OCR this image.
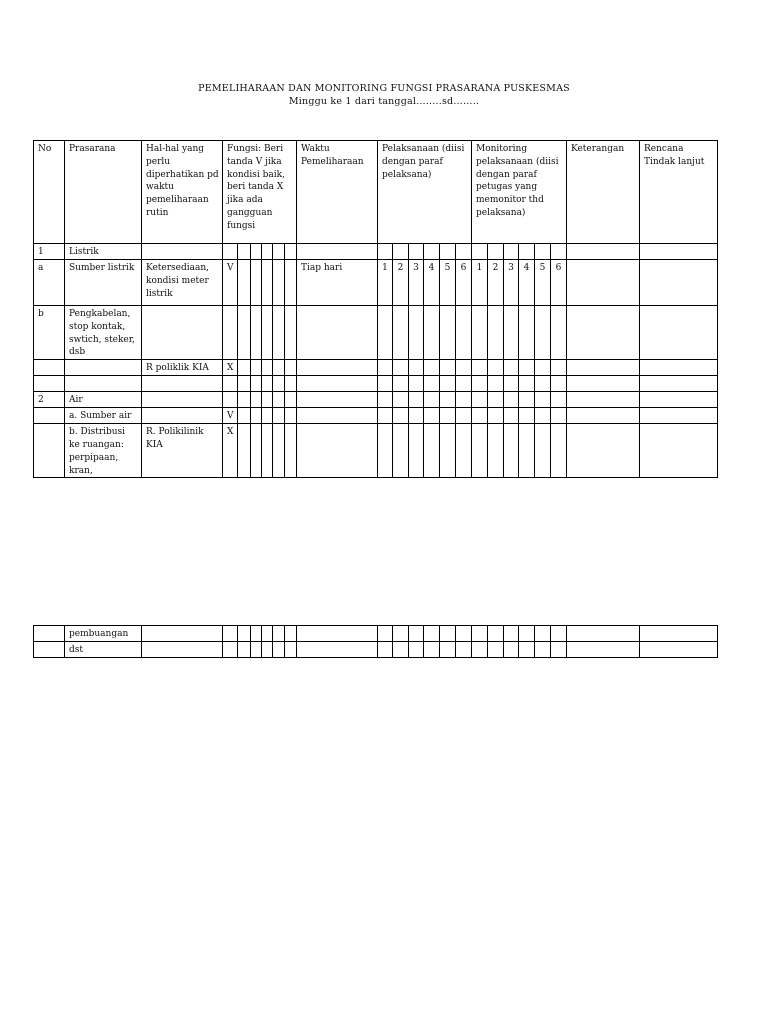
PEMELIHARAAN DAN MONITORING FUNGSI PRASARANA PUSKESMAS
Minggu ke 1 dari tanggal……..sd……..
No	Prasarana	Hal-hal yang perlu diperhatikan pd waktu pemeliharaan rutin	Fungsi: Beri tanda V jika kondisi baik, beri tanda X jika ada gangguan fungsi						Waktu Pemeliharaan	Pelaksanaan (diisi dengan paraf pelaksana)						Monitoring pelaksanaan (diisi dengan paraf petugas yang memonitor thd pelaksana)						Keterangan	Rencana Tindak lanjut
1	Listrik																						
a	Sumber listrik	Ketersediaan, kondisi meter listrik	V						Tiap hari	1	2	3	4	5	6	1	2	3	4	5	6		
b	Pengkabelan, stop kontak, swtich, steker, dsb																						
		R poliklik KIA	X																				

2	Air																						
	a. Sumber air		V																				
	b. Distribusi ke ruangan: perpipaan, kran,	R. Polikilinik KIA	X																				
	pembuangan																						
	dst																						
